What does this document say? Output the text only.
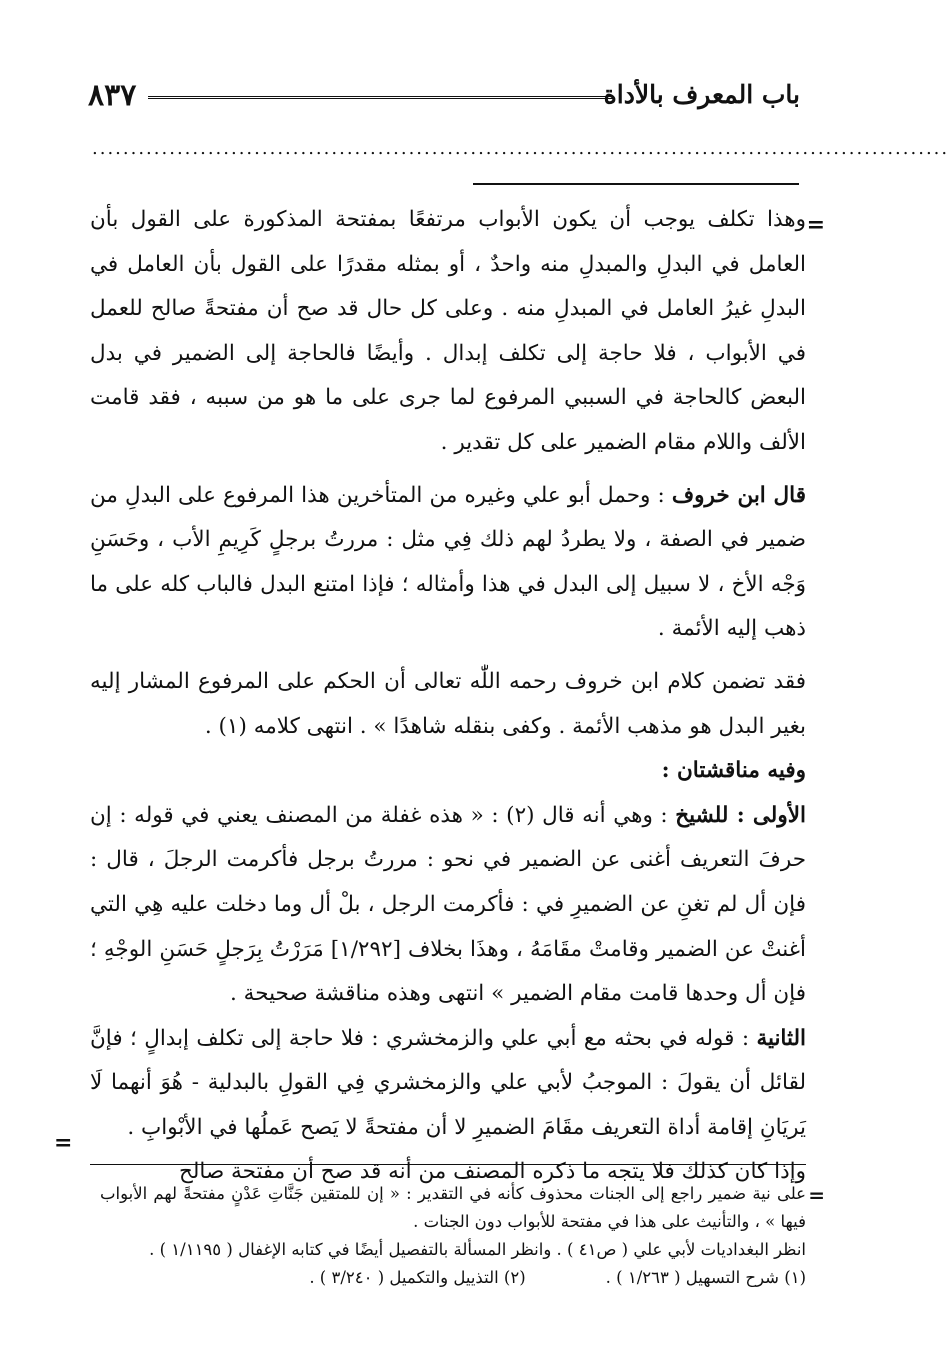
باب المعرف بالأداة
٨٣٧
...............................................................................................................
=

وهذا تكلف يوجب أن يكون الأبواب مرتفعًا بمفتحة المذكورة على القول بأن العامل في البدلِ والمبدلِ منه واحدٌ ، أو بمثله مقدرًا على القول بأن العامل في البدلِ غيرُ العامل في المبدلِ منه . وعلى كل حال قد صح أن مفتحةً صالح للعمل في الأبواب ، فلا حاجة إلى تكلف إبدال . وأيضًا فالحاجة إلى الضمير في بدل البعض كالحاجة في السببي المرفوع لما جرى على ما هو من سببه ، فقد قامت الألف واللام مقام الضمير على كل تقدير .

قال ابن خروف : وحمل أبو علي وغيره من المتأخرين هذا المرفوع على البدلِ من ضمير في الصفة ، ولا يطردُ لهم ذلك فِي مثل : مررتُ برجلٍ كَرِيمِ الأب ، وحَسَنِ وَجْه الأخ ، لا سبيل إلى البدل في هذا وأمثاله ؛ فإذا امتنع البدل فالباب كله على ما ذهب إليه الأئمة .

فقد تضمن كلام ابن خروف رحمه اللّٰه تعالى أن الحكم على المرفوع المشار إليه بغير البدل هو مذهب الأئمة . وكفى بنقله شاهدًا » . انتهى كلامه (١) .

وفيه مناقشتان :

الأولى : للشيخ : وهي أنه قال (٢) : « هذه غفلة من المصنف يعني في قوله : إن حرفَ التعريف أغنى عن الضمير في نحو : مررتُ برجل فأكرمت الرجلَ ، قال : فإن أل لم تغنِ عن الضميرِ في : فأكرمت الرجل ، بلْ أل وما دخلت عليه هِي التي أغنتْ عن الضمير وقامتْ مقَامَهُ ، وهذَا بخلاف [١/٢٩٢] مَرَرْتُ بِرَجلٍ حَسَنِ الوجْهِ ؛ فإن أل وحدها قامت مقام الضمير » انتهى وهذه مناقشة صحيحة .

الثانية : قوله في بحثه مع أبي علي والزمخشري : فلا حاجة إلى تكلف إبدالٍ ؛ فإنَّ لقائل أن يقولَ : الموجبُ لأبي علي والزمخشري فِي القولِ بالبدلية - هُوَ أنهما لَا يَريَانِ إقامة أداة التعريف مقَامَ الضميرِ لا أن مفتحةً لا يَصح عَملُها في الأبْوابِ .

وإذا كان كذلك فلا يتجه ما ذكره المصنف من أنه قد صح أن مفتحة صالح

=
=

على نية ضمير راجع إلى الجنات محذوف كأنه في التقدير : « إن للمتقين جَنَّاتِ عَدْنٍ مفتحةً لهم الأبواب فيها » ، والتأنيث على هذا في مفتحة للأبواب دون الجنات .

انظر البغداديات لأبي علي ( ص٤١ ) . وانظر المسألة بالتفصيل أيضًا في كتابه الإغفال ( ١/١١٩٥ ) .

(١) شرح التسهيل ( ١/٢٦٣ ) .
(٢) التذييل والتكميل ( ٣/٢٤٠ ) .
